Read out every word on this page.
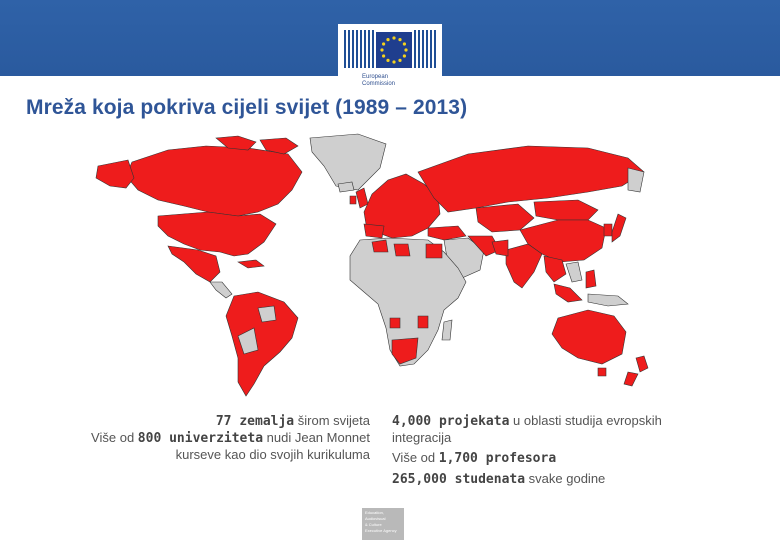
European
Commission
Mreža koja pokriva cijeli svijet (1989 – 2013)
77 zemalja širom svijeta
Više od 800 univerziteta nudi Jean Monnet
kurseve kao dio svojih kurikuluma
4,000 projekata u oblasti studija evropskih
integracija
Više od 1,700 profesora
265,000 studenata svake godine
Education,
Audiovisual
& Culture
Executive Agency
